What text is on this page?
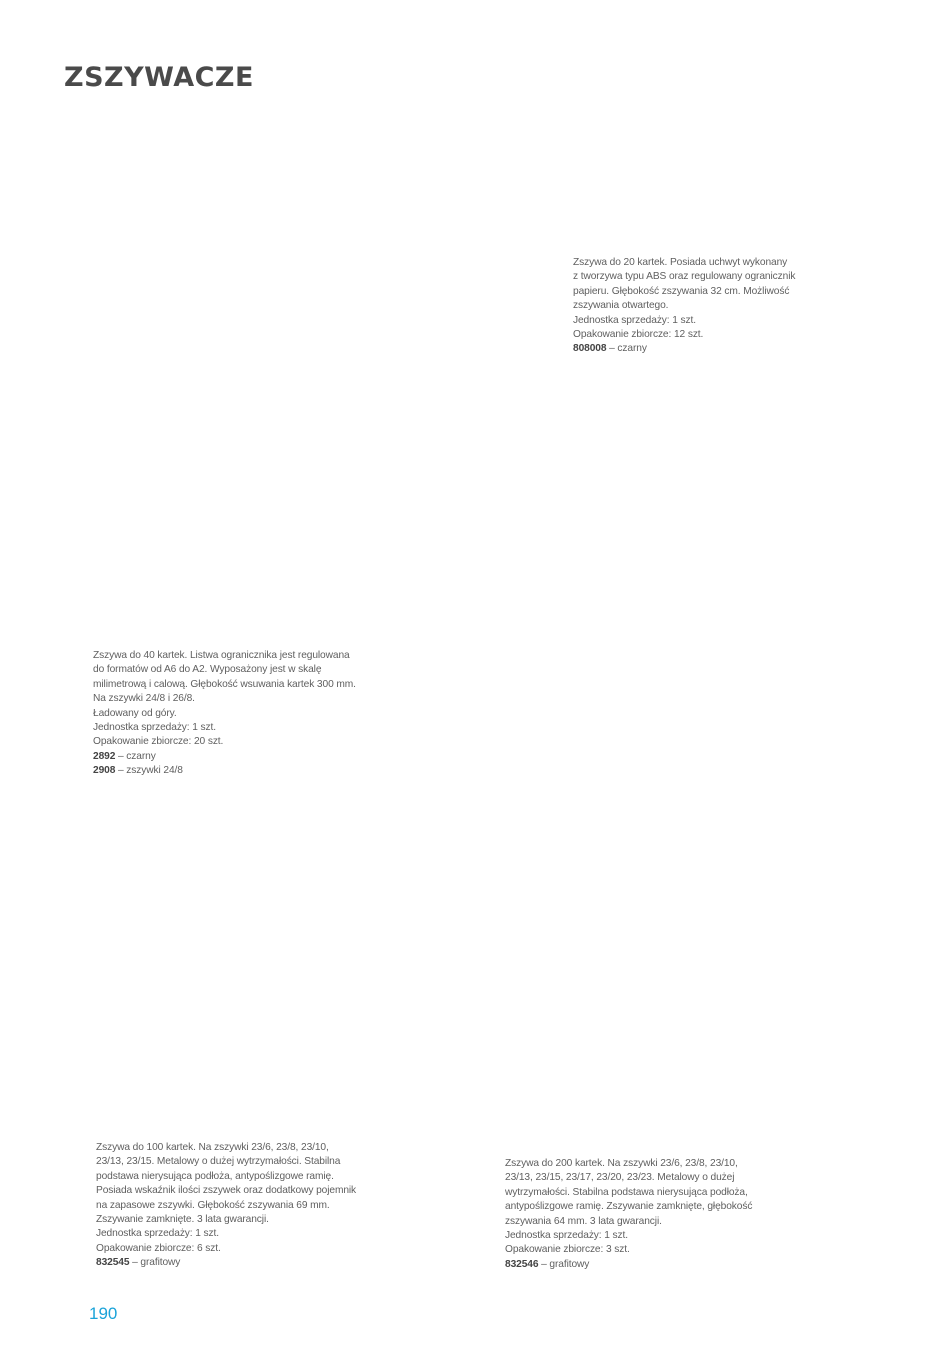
ZSZYWACZE
Zszywa do 20 kartek. Posiada uchwyt wykonany
z tworzywa typu ABS oraz regulowany ogranicznik
papieru. Głębokość zszywania 32 cm. Możliwość
zszywania otwartego.
Jednostka sprzedaży: 1 szt.
Opakowanie zbiorcze: 12 szt.
808008 – czarny
Zszywa do 40 kartek. Listwa ogranicznika jest regulowana
do formatów od A6 do A2. Wyposażony jest w skalę
milimetrową i calową. Głębokość wsuwania kartek 300 mm.
Na zszywki 24/8 i 26/8.
Ładowany od góry.
Jednostka sprzedaży: 1 szt.
Opakowanie zbiorcze: 20 szt.
2892 – czarny
2908 – zszywki 24/8
Zszywa do 100 kartek. Na zszywki 23/6, 23/8, 23/10,
23/13, 23/15. Metalowy o dużej wytrzymałości. Stabilna
podstawa nierysująca podłoża, antypoślizgowe ramię.
Posiada wskaźnik ilości zszywek oraz dodatkowy pojemnik
na zapasowe zszywki. Głębokość zszywania 69 mm.
Zszywanie zamknięte. 3 lata gwarancji.
Jednostka sprzedaży: 1 szt.
Opakowanie zbiorcze: 6 szt.
832545 – grafitowy
Zszywa do 200 kartek. Na zszywki 23/6, 23/8, 23/10,
23/13, 23/15, 23/17, 23/20, 23/23. Metalowy o dużej
wytrzymałości. Stabilna podstawa nierysująca podłoża,
antypoślizgowe ramię. Zszywanie zamknięte, głębokość
zszywania 64 mm. 3 lata gwarancji.
Jednostka sprzedaży: 1 szt.
Opakowanie zbiorcze: 3 szt.
832546 – grafitowy

190
